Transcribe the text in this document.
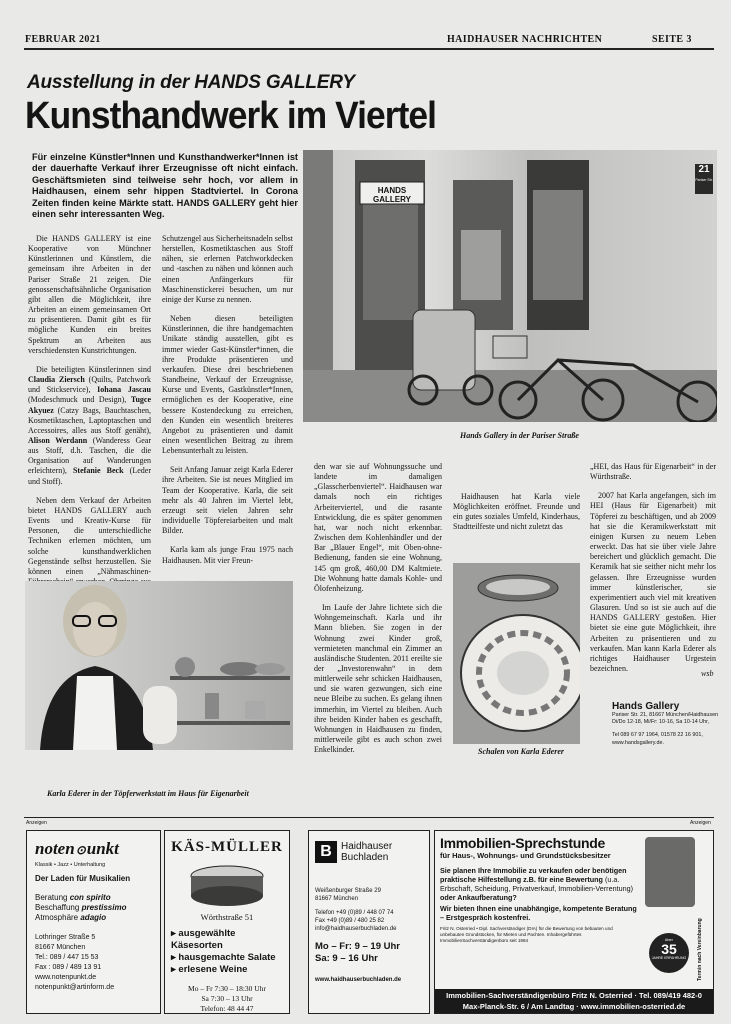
FEBRUAR 2021	HAIDHAUSER NACHRICHTEN	SEITE 3
Ausstellung in der HANDS GALLERY
Kunsthandwerk im Viertel
Für einzelne Künstler*Innen und Kunsthandwerker*Innen ist der dauerhafte Verkauf ihrer Erzeugnisse oft nicht einfach. Geschäftsmieten sind teilweise sehr hoch, vor allem in Haidhausen, einem sehr hippen Stadtviertel. In Corona Zeiten finden keine Märkte statt. HANDS GALLERY geht hier einen sehr interessanten Weg.
HANDS GALLERY
21
Pariser Str.
Hands Gallery in der Pariser Straße

Die HANDS GALLERY ist eine Kooperative von Münchner Künstlerinnen und Künstlern, die gemeinsam ihre Arbeiten in der Pariser Straße 21 zeigen. Die genossenschaftsähnliche Organisation gibt allen die Möglichkeit, ihre Arbeiten an einem gemeinsamen Ort zu präsentieren. Damit gibt es für mögliche Kunden ein breites Spektrum an Arbeiten aus verschiedensten Kunstrichtungen.

Die beteiligten Künstlerinnen sind Claudia Ziersch (Quilts, Patchwork und Stickservice), Iohana Jascau (Modeschmuck und Design), Tugce Akyuez (Catzy Bags, Bauchtaschen, Kosmetiktaschen, Laptoptaschen und Accessoires, alles aus Stoff genäht), Alison Werdann (Wanderess Gear aus Stoff, d.h. Taschen, die die Organisation auf Wanderungen erleichtern), Stefanie Beck (Leder und Stoff).

Neben dem Verkauf der Arbeiten bietet HANDS GALLERY auch Events und Kreativ-Kurse für Personen, die unterschiedliche Techniken erlernen möchten, um solche kunsthandwerklichen Gegenstände selbst herzustellen. Sie können einen „Nähmaschinen-

Schutzengel aus Sicherheitsnadeln selbst herstellen, Kosmetiktaschen aus Stoff nähen, sie erlernen Patchworkdecken und -taschen zu nähen und können auch einen Anfängerkurs für Maschinenstickerei besuchen, um nur einige der Kurse zu nennen.

Neben diesen beteiligten Künstlerinnen, die ihre handgemachten Unikate ständig ausstellen, gibt es immer wieder Gast-Künstler*innen, die ihre Produkte präsentieren und verkaufen. Diese drei beschriebenen Standbeine, Verkauf der Erzeugnisse, Kurse und Events, Gastkünstler*Innen, ermöglichen es der Kooperative, eine bessere Kostendeckung zu erreichen, den Kunden ein wesentlich breiteres Angebot zu präsentieren und damit einen wesentlichen Beitrag zu ihrem Lebensunterhalt zu leisten.

Seit Anfang Januar zeigt Karla Ederer ihre Arbeiten. Sie ist neues Mitglied im Team der Kooperative. Karla, die seit mehr als 40 Jahren im Viertel lebt, erzeugt seit vielen Jahren sehr individuelle Töpfereiarbeiten und malt Bilder.

Karla kam als junge Frau 1975 nach Haidhausen. Mit vier Freun-

Karla Ederer in der Töpferwerkstatt im Haus für Eigenarbeit

den war sie auf Wohnungssuche und landete im damaligen „Glasscherbenviertel“. Haidhausen war damals noch ein richtiges Arbeiterviertel, und die rasante Entwicklung, die es später genommen hat, war noch nicht erkennbar. Zwischen dem Kohlenhändler und der Bar „Blauer Engel“, mit Oben-ohne-Bedienung, fanden sie eine Wohnung, 145 qm groß, 460,00 DM Kaltmiete. Die Wohnung hatte damals Kohle- und Ölofenheizung.

Im Laufe der Jahre lichtete sich die Wohngemeinschaft. Karla und ihr Mann blieben. Sie zogen in der Wohnung zwei Kinder groß, vermieteten manchmal ein Zimmer an ausländische Studenten. 2011 ereilte sie der „Investorenwahn“ in dem mittlerweile sehr schicken Haidhausen, und sie waren gezwungen, sich eine neue Bleibe zu suchen. Es gelang ihnen immerhin, im Viertel zu bleiben. Auch ihre beiden Kinder haben es geschafft, Wohnungen in Haidhausen zu finden, mittlerweile gibt es auch schon zwei Enkelkinder.

Haidhausen hat Karla viele Möglichkeiten eröffnet. Freunde und ein gutes soziales Umfeld, Kinderhaus, Stadtteilfeste und nicht zuletzt das

Schalen von Karla Ederer

„HEI, das Haus für Eigenarbeit“ in der Würthstraße.

2007 hat Karla angefangen, sich im HEI (Haus für Eigenarbeit) mit Töpferei zu beschäftigen, und ab 2009 hat sie die Keramikwerkstatt mit einigen Kursen zu neuem Leben erweckt. Das hat sie über viele Jahre bereichert und glücklich gemacht. Die Keramik hat sie seither nicht mehr los gelassen. Ihre Erzeugnisse wurden immer künstlerischer, sie experimentiert auch viel mit kreativen Glasuren. Und so ist sie auch auf die HANDS GALLERY gestoßen. Hier bietet sie eine gute Möglichkeit, ihre Arbeiten zu präsentieren und zu verkaufen. Man kann Karla Ederer als richtiges Haidhauser Urgestein bezeichnen.

wsb
Hands Gallery
Pariser Str. 21, 81667 München/Haidhausen
Di/Do 12-18, Mi/Fr: 10-16, Sa 10-14 Uhr,
Tel 089 67 97 1964, 01578 22 16 901,
www.handsgallery.de.
Anzeigen	Anzeigen
noten⊙unkt
Klassik • Jazz • Unterhaltung
Der Laden für Musikalien
Beratung con spirito
Beschaffung prestissimo
Atmosphäre adagio
Lothringer Straße 5
81667 München
Tel.: 089 / 447 15 53
Fax : 089 / 489 13 91
www.notenpunkt.de
notenpunkt@artinform.de
KÄS-MÜLLER
Wörthstraße 51
▸ ausgewählte Käsesorten
▸ hausgemachte Salate
▸ erlesene Weine
Mo – Fr 7:30 – 18:30 Uhr
Sa 7:30 – 13 Uhr
Telefon: 48 44 47
B Haidhauser
Buchladen
Weißenburger Straße 29
81667 München
Telefon +49 (0)89 / 448 07 74
Fax +49 (0)89 / 480 25 82
info@haidhauserbuchladen.de
Mo – Fr: 9 – 19 Uhr
Sa: 9 – 16 Uhr
www.haidhauserbuchladen.de
Immobilien-Sprechstunde
für Haus-, Wohnungs- und Grundstücksbesitzer
Sie planen Ihre Immobilie zu verkaufen oder benötigen praktische Hilfestellung z.B. für eine Bewertung (u.a. Erbschaft, Scheidung, Privatverkauf, Immobilien-Verrentung) oder Ankaufberatung?
Wir bieten Ihnen eine unabhängige, kompetente Beratung – Erstgespräch kostenfrei.
Fritz N. Osterried • Dipl. Sachverständiger (DIA) für die Bewertung von bebauten und unbebauten Grundstücken, für Mieten und Pachten. Inhabergeführtes ImmobilienSachverständigenbüro seit 1984	über
35
JAHRE ERFAHRUNG	Termin nach Vereinbarung
Immobilien-Sachverständigenbüro Fritz N. Osterried · Tel. 089/419 482-0
Max-Planck-Str. 6 / Am Landtag · www.immobilien-osterried.de
